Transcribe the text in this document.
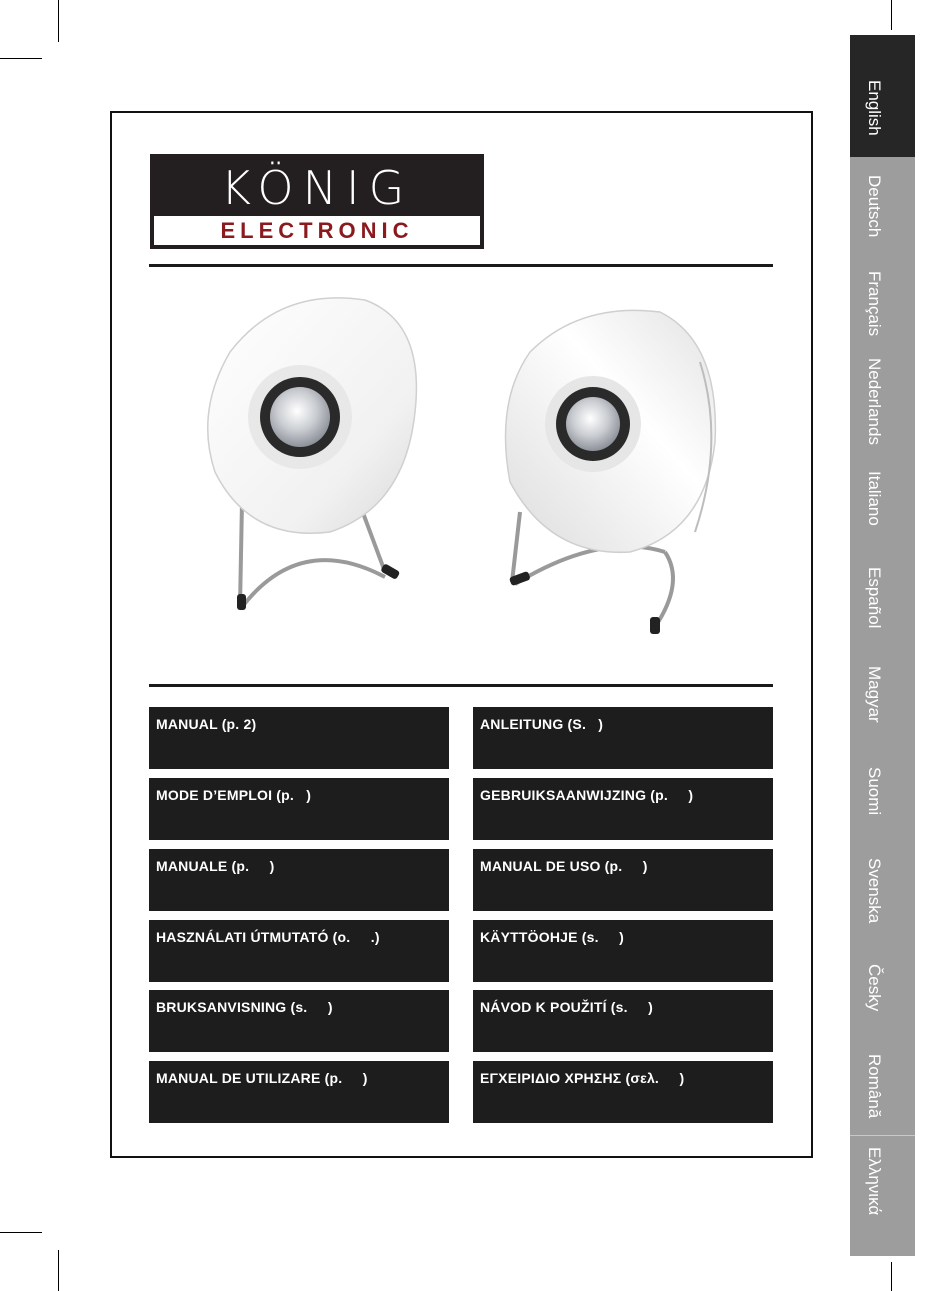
KÖNIG
ELECTRONIC
MANUAL (p. 2)	ANLEITUNG (S.   )
MODE D’EMPLOI (p.   )	GEBRUIKSAANWIJZING (p.     )
MANUALE (p.     )	MANUAL DE USO (p.     )
HASZNÁLATI ÚTMUTATÓ (o.     .)	KÄYTTÖOHJE (s.     )
BRUKSANVISNING (s.     )	NÁVOD K POUŽITÍ (s.     )
MANUAL DE UTILIZARE (p.     )	ΕΓΧΕΙΡΙΔΙΟ ΧΡΗΣΗΣ (σελ.     )
English
Deutsch
Français
Nederlands
Italiano
Español
Magyar
Suomi
Svenska
Česky
Română
Ελληνικά
